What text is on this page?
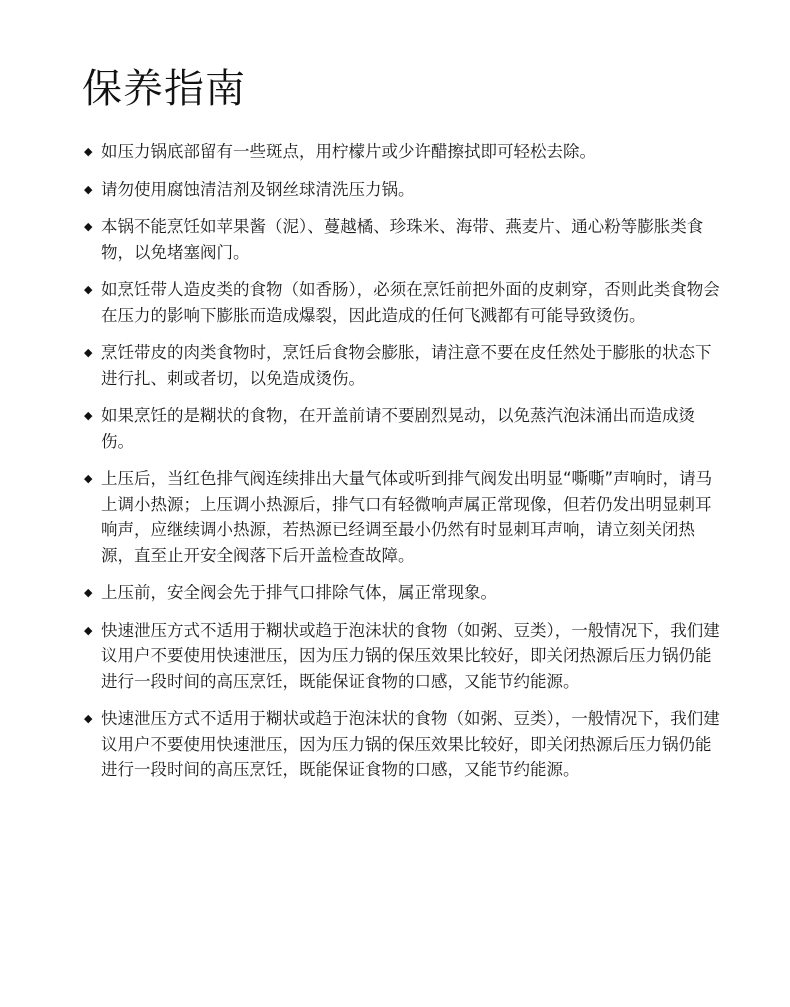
保养指南
◆ 如压力锅底部留有一些斑点，用柠檬片或少许醋擦拭即可轻松去除。
◆ 请勿使用腐蚀清洁剂及钢丝球清洗压力锅。
◆ 本锅不能烹饪如苹果酱（泥）、蔓越橘、珍珠米、海带、燕麦片、通心粉等膨胀类食物，以免堵塞阀门。
◆ 如烹饪带人造皮类的食物（如香肠），必须在烹饪前把外面的皮刺穿，否则此类食物会在压力的影响下膨胀而造成爆裂，因此造成的任何飞溅都有可能导致烫伤。
◆ 烹饪带皮的肉类食物时，烹饪后食物会膨胀，请注意不要在皮任然处于膨胀的状态下进行扎、刺或者切，以免造成烫伤。
◆ 如果烹饪的是糊状的食物，在开盖前请不要剧烈晃动，以免蒸汽泡沫涌出而造成烫伤。
◆ 上压后，当红色排气阀连续排出大量气体或听到排气阀发出明显“嘶嘶”声响时，请马上调小热源；上压调小热源后，排气口有轻微响声属正常现像，但若仍发出明显刺耳响声，应继续调小热源，若热源已经调至最小仍然有时显刺耳声响，请立刻关闭热源，直至止开安全阀落下后开盖检查故障。
◆ 上压前，安全阀会先于排气口排除气体，属正常现象。
◆ 快速泄压方式不适用于糊状或趋于泡沫状的食物（如粥、豆类），一般情况下，我们建议用户不要使用快速泄压，因为压力锅的保压效果比较好，即关闭热源后压力锅仍能进行一段时间的高压烹饪，既能保证食物的口感，又能节约能源。
◆ 快速泄压方式不适用于糊状或趋于泡沫状的食物（如粥、豆类），一般情况下，我们建议用户不要使用快速泄压，因为压力锅的保压效果比较好，即关闭热源后压力锅仍能进行一段时间的高压烹饪，既能保证食物的口感，又能节约能源。
